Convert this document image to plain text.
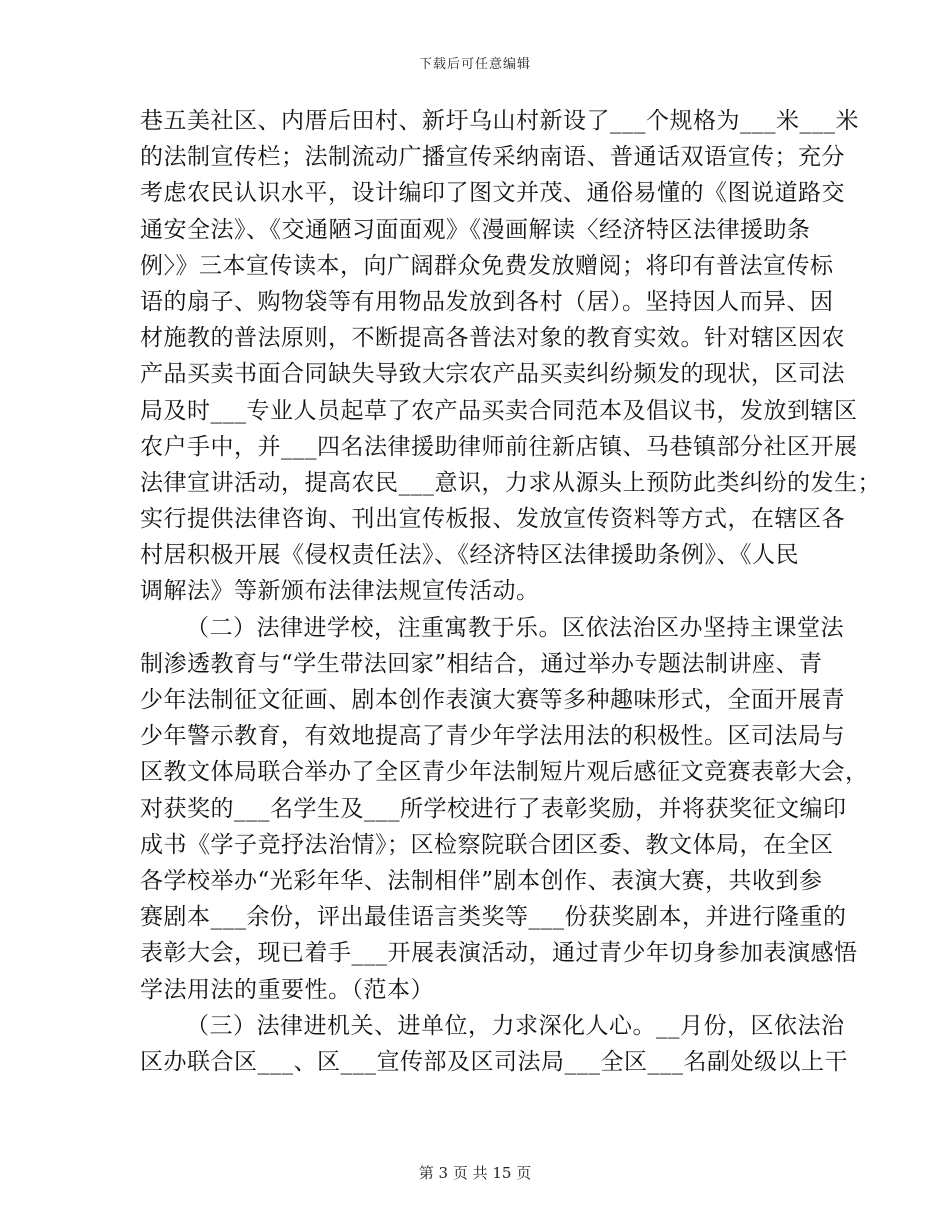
下载后可任意编辑
巷五美社区、内厝后田村、新圩乌山村新设了___个规格为___米___米
的法制宣传栏；法制流动广播宣传采纳南语、普通话双语宣传；充分
考虑农民认识水平，设计编印了图文并茂、通俗易懂的《图说道路交
通安全法》、《交通陋习面面观》《漫画解读〈经济特区法律援助条
例〉》三本宣传读本，向广阔群众免费发放赠阅；将印有普法宣传标
语的扇子、购物袋等有用物品发放到各村（居）。坚持因人而异、因
材施教的普法原则，不断提高各普法对象的教育实效。针对辖区因农
产品买卖书面合同缺失导致大宗农产品买卖纠纷频发的现状，区司法
局及时___专业人员起草了农产品买卖合同范本及倡议书，发放到辖区
农户手中，并___四名法律援助律师前往新店镇、马巷镇部分社区开展
法律宣讲活动，提高农民___意识，力求从源头上预防此类纠纷的发生；
实行提供法律咨询、刊出宣传板报、发放宣传资料等方式，在辖区各
村居积极开展《侵权责任法》、《经济特区法律援助条例》、《人民
调解法》等新颁布法律法规宣传活动。
（二）法律进学校，注重寓教于乐。区依法治区办坚持主课堂法
制渗透教育与“学生带法回家”相结合，通过举办专题法制讲座、青
少年法制征文征画、剧本创作表演大赛等多种趣味形式，全面开展青
少年警示教育，有效地提高了青少年学法用法的积极性。区司法局与
区教文体局联合举办了全区青少年法制短片观后感征文竞赛表彰大会，
对获奖的___名学生及___所学校进行了表彰奖励，并将获奖征文编印
成书《学子竞抒法治情》；区检察院联合团区委、教文体局，在全区
各学校举办“光彩年华、法制相伴”剧本创作、表演大赛，共收到参
赛剧本___余份，评出最佳语言类奖等___份获奖剧本，并进行隆重的
表彰大会，现已着手___开展表演活动，通过青少年切身参加表演感悟
学法用法的重要性。（范本）
（三）法律进机关、进单位，力求深化人心。__月份，区依法治
区办联合区___、区___宣传部及区司法局___全区___名副处级以上干
第 3 页 共 15 页
